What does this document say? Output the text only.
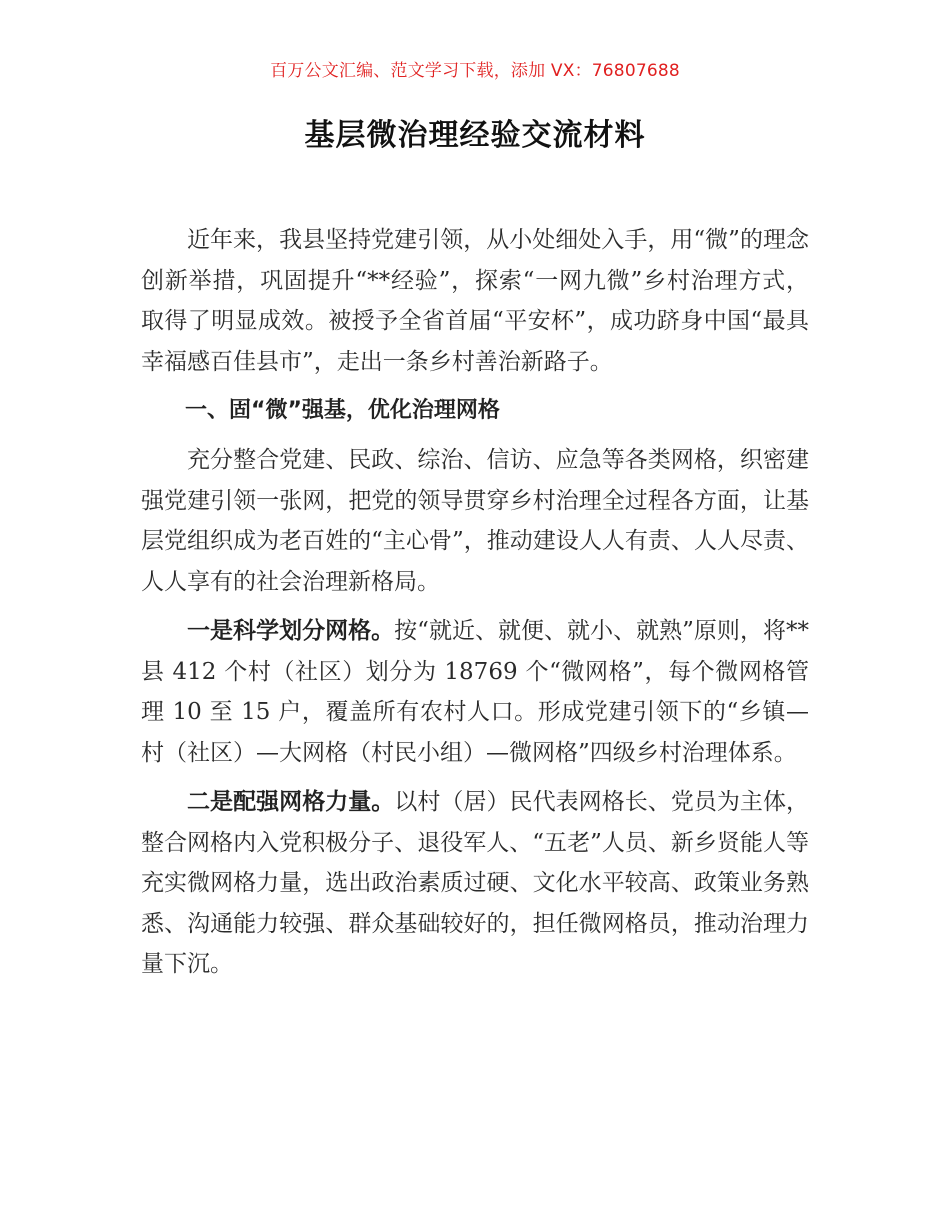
百万公文汇编、范文学习下载，添加 VX：76807688
基层微治理经验交流材料

近年来，我县坚持党建引领，从小处细处入手，用“微”的理念创新举措，巩固提升“**经验”，探索“一网九微”乡村治理方式，取得了明显成效。被授予全省首届“平安杯”，成功跻身中国“最具幸福感百佳县市”，走出一条乡村善治新路子。

一、固“微”强基，优化治理网格

充分整合党建、民政、综治、信访、应急等各类网格，织密建强党建引领一张网，把党的领导贯穿乡村治理全过程各方面，让基层党组织成为老百姓的“主心骨”，推动建设人人有责、人人尽责、人人享有的社会治理新格局。

一是科学划分网格。按“就近、就便、就小、就熟”原则，将**县 412 个村（社区）划分为 18769 个“微网格”，每个微网格管理 10 至 15 户，覆盖所有农村人口。形成党建引领下的“乡镇—村（社区）—大网格（村民小组）—微网格”四级乡村治理体系。

二是配强网格力量。以村（居）民代表网格长、党员为主体，整合网格内入党积极分子、退役军人、“五老”人员、新乡贤能人等充实微网格力量，选出政治素质过硬、文化水平较高、政策业务熟悉、沟通能力较强、群众基础较好的，担任微网格员，推动治理力量下沉。
